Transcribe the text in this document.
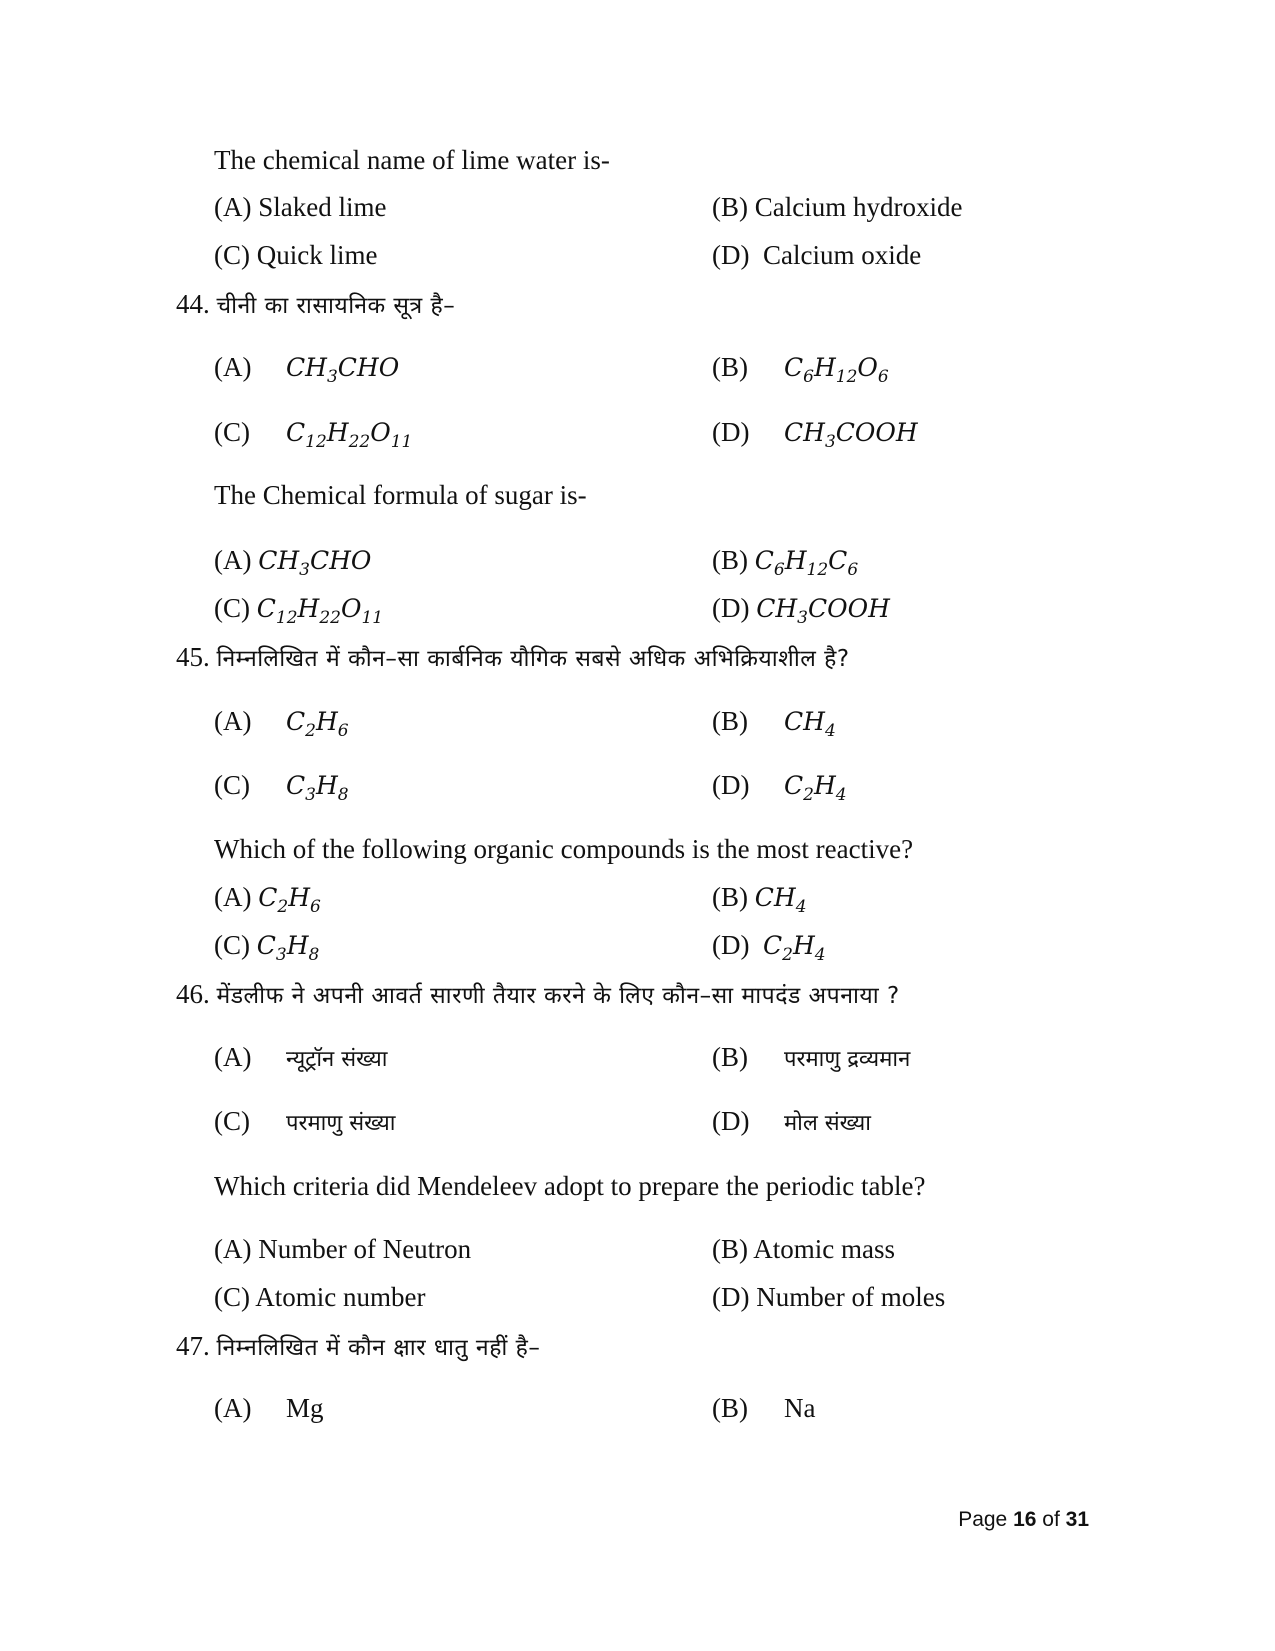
The chemical name of lime water is-
(A) Slaked lime	(B) Calcium hydroxide
(C) Quick lime	(D) Calcium oxide
44. चीनी का रासायनिक सूत्र है–
(A) $CH_3CHO$	(B) $C_6H_{12}O_6$
(C) $C_{12}H_{22}O_{11}$	(D) $CH_3COOH$
The Chemical formula of sugar is-
(A) $CH_3CHO$	(B) $C_6H_{12}C_6$
(C) $C_{12}H_{22}O_{11}$	(D) $CH_3COOH$
45. निम्नलिखित में कौन–सा कार्बनिक यौगिक सबसे अधिक अभिक्रियाशील है?
(A) $C_2H_6$	(B) $CH_4$
(C) $C_3H_8$	(D) $C_2H_4$
Which of the following organic compounds is the most reactive?
(A) $C_2H_6$	(B) $CH_4$
(C) $C_3H_8$	(D) $C_2H_4$
46. मेंडलीफ ने अपनी आवर्त सारणी तैयार करने के लिए कौन–सा मापदंड अपनाया ?
(A) न्यूट्रॉन संख्या	(B) परमाणु द्रव्यमान
(C) परमाणु संख्या	(D) मोल संख्या
Which criteria did Mendeleev adopt to prepare the periodic table?
(A) Number of Neutron	(B) Atomic mass
(C) Atomic number	(D) Number of moles
47. निम्नलिखित में कौन क्षार धातु नहीं है–
(A) Mg	(B) Na
Page 16 of 31
